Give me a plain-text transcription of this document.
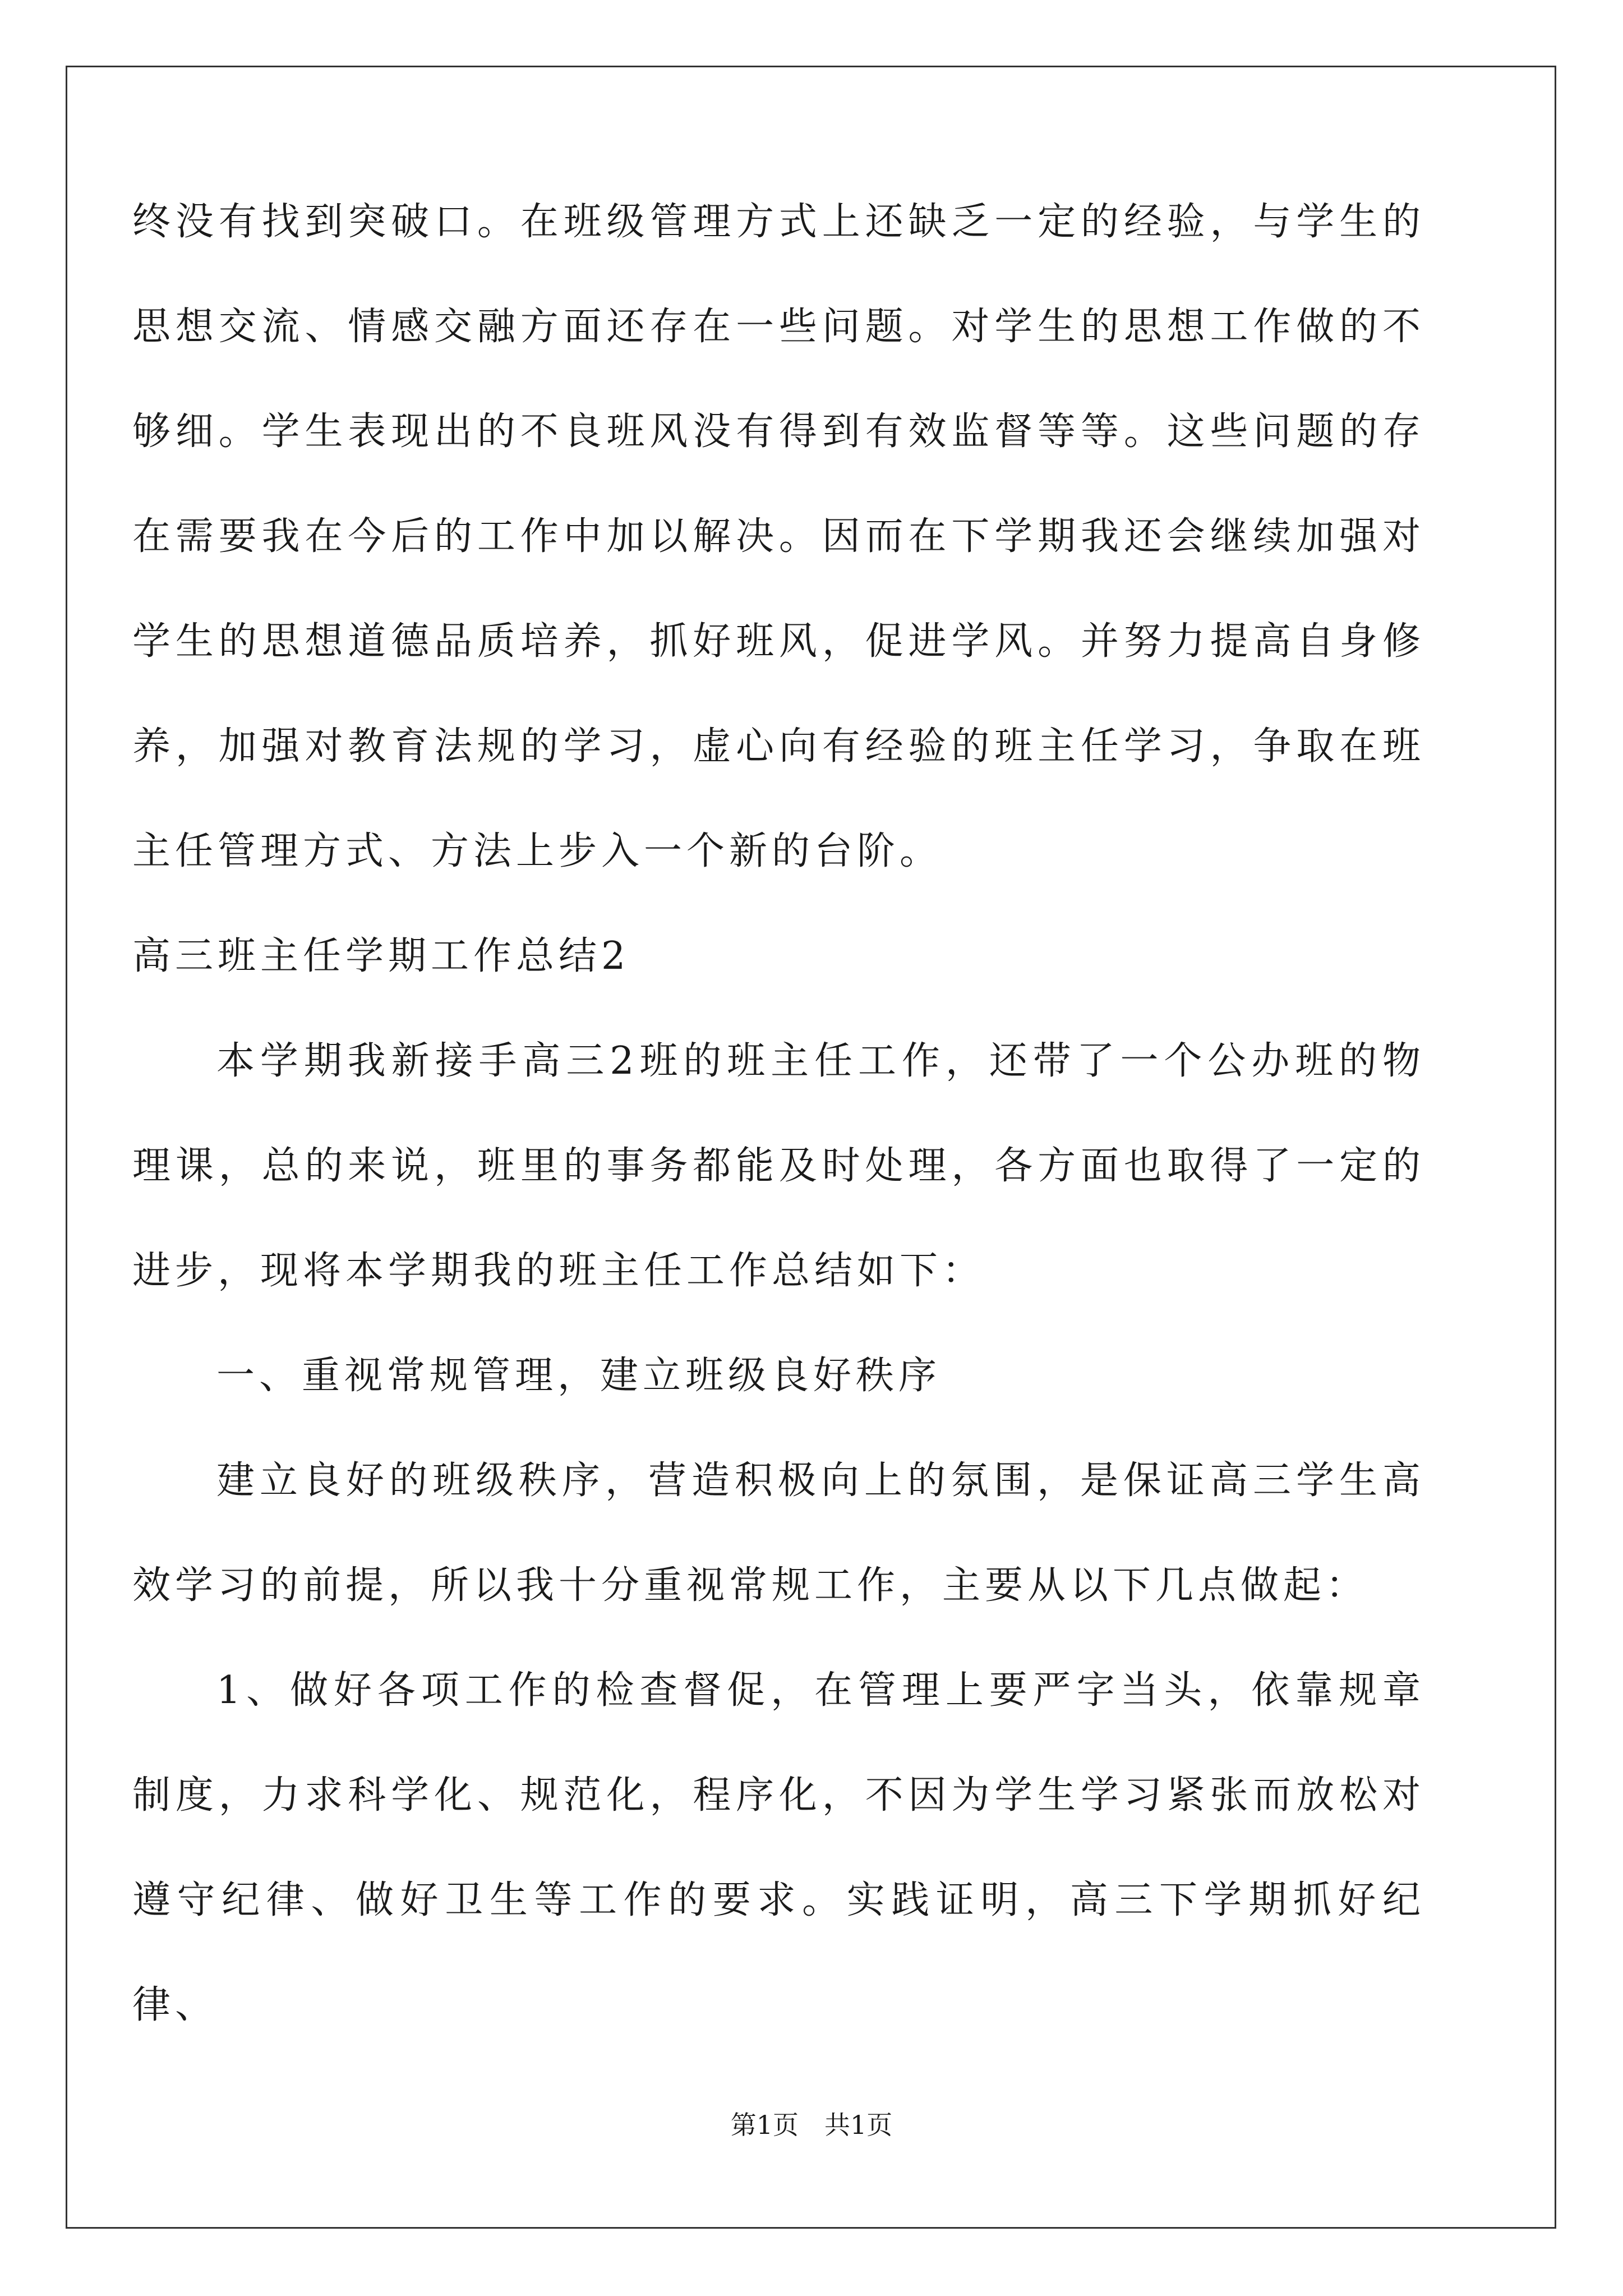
终没有找到突破口。在班级管理方式上还缺乏一定的经验，与学生的思想交流、情感交融方面还存在一些问题。对学生的思想工作做的不够细。学生表现出的不良班风没有得到有效监督等等。这些问题的存在需要我在今后的工作中加以解决。因而在下学期我还会继续加强对学生的思想道德品质培养，抓好班风，促进学风。并努力提高自身修养，加强对教育法规的学习，虚心向有经验的班主任学习，争取在班主任管理方式、方法上步入一个新的台阶。

高三班主任学期工作总结2

本学期我新接手高三2班的班主任工作，还带了一个公办班的物理课，总的来说，班里的事务都能及时处理，各方面也取得了一定的进步，现将本学期我的班主任工作总结如下：

一、重视常规管理，建立班级良好秩序

建立良好的班级秩序，营造积极向上的氛围，是保证高三学生高效学习的前提，所以我十分重视常规工作，主要从以下几点做起：

1、做好各项工作的检查督促，在管理上要严字当头，依靠规章制度，力求科学化、规范化，程序化，不因为学生学习紧张而放松对遵守纪律、做好卫生等工作的要求。实践证明，高三下学期抓好纪律、

第1页　共1页
